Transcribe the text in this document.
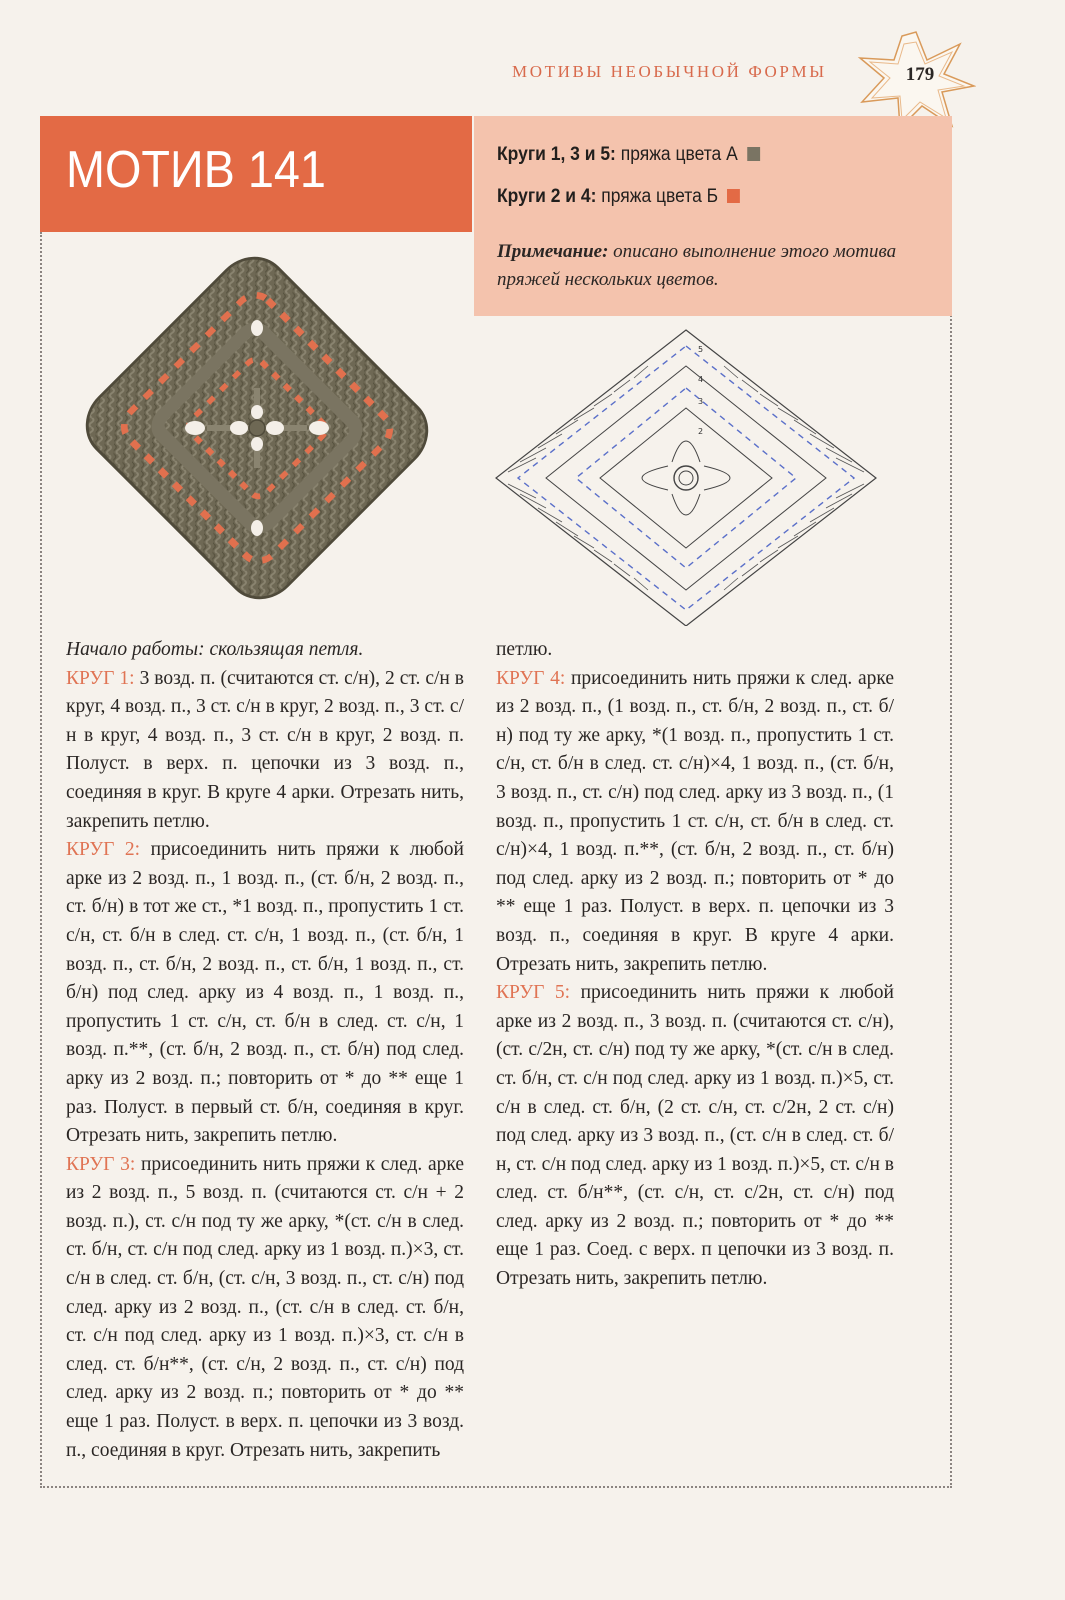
МОТИВЫ НЕОБЫЧНОЙ ФОРМЫ	179
МОТИВ 141	Круги 1, 3 и 5: пряжа цвета А
Круги 2 и 4: пряжа цвета Б
Примечание: описано выполнение этого мотива пряжей нескольких цветов.
5
4
3
2

Начало работы: скользящая петля.
КРУГ 1: 3 возд. п. (считаются ст. с/н), 2 ст. с/н в круг, 4 возд. п., 3 ст. с/н в круг, 2 возд. п., 3 ст. с/н в круг, 4 возд. п., 3 ст. с/н в круг, 2 возд. п. Полуст. в верх. п. цепочки из 3 возд. п., соединяя в круг. В круге 4 арки. Отрезать нить, закрепить петлю.
КРУГ 2: присоединить нить пряжи к любой арке из 2 возд. п., 1 возд. п., (ст. б/н, 2 возд. п., ст. б/н) в тот же ст., *1 возд. п., пропустить 1 ст. с/н, ст. б/н в след. ст. с/н, 1 возд. п., (ст. б/н, 1 возд. п., ст. б/н, 2 возд. п., ст. б/н, 1 возд. п., ст. б/н) под след. арку из 4 возд. п., 1 возд. п., пропустить 1 ст. с/н, ст. б/н в след. ст. с/н, 1 возд. п.**, (ст. б/н, 2 возд. п., ст. б/н) под след. арку из 2 возд. п.; повторить от * до ** еще 1 раз. Полуст. в первый ст. б/н, соединяя в круг. Отрезать нить, закрепить петлю.
КРУГ 3: присоединить нить пряжи к след. арке из 2 возд. п., 5 возд. п. (считаются ст. с/н + 2 возд. п.), ст. с/н под ту же арку, *(ст. с/н в след. ст. б/н, ст. с/н под след. арку из 1 возд. п.)×3, ст. с/н в след. ст. б/н, (ст. с/н, 3 возд. п., ст. с/н) под след. арку из 2 возд. п., (ст. с/н в след. ст. б/н, ст. с/н под след. арку из 1 возд. п.)×3, ст. с/н в след. ст. б/н**, (ст. с/н, 2 возд. п., ст. с/н) под след. арку из 2 возд. п.; повторить от * до ** еще 1 раз. Полуст. в верх. п. цепочки из 3 возд. п., соединяя в круг. Отрезать нить, закрепить

петлю.
КРУГ 4: присоединить нить пряжи к след. арке из 2 возд. п., (1 возд. п., ст. б/н, 2 возд. п., ст. б/н) под ту же арку, *(1 возд. п., пропустить 1 ст. с/н, ст. б/н в след. ст. с/н)×4, 1 возд. п., (ст. б/н, 3 возд. п., ст. с/н) под след. арку из 3 возд. п., (1 возд. п., пропустить 1 ст. с/н, ст. б/н в след. ст. с/н)×4, 1 возд. п.**, (ст. б/н, 2 возд. п., ст. б/н) под след. арку из 2 возд. п.; повторить от * до ** еще 1 раз. Полуст. в верх. п. цепочки из 3 возд. п., соединяя в круг. В круге 4 арки. Отрезать нить, закрепить петлю.
КРУГ 5: присоединить нить пряжи к любой арке из 2 возд. п., 3 возд. п. (считаются ст. с/н), (ст. с/2н, ст. с/н) под ту же арку, *(ст. с/н в след. ст. б/н, ст. с/н под след. арку из 1 возд. п.)×5, ст. с/н в след. ст. б/н, (2 ст. с/н, ст. с/2н, 2 ст. с/н) под след. арку из 3 возд. п., (ст. с/н в след. ст. б/н, ст. с/н под след. арку из 1 возд. п.)×5, ст. с/н в след. ст. б/н**, (ст. с/н, ст. с/2н, ст. с/н) под след. арку из 2 возд. п.; повторить от * до ** еще 1 раз. Соед. с верх. п цепочки из 3 возд. п. Отрезать нить, закрепить петлю.
